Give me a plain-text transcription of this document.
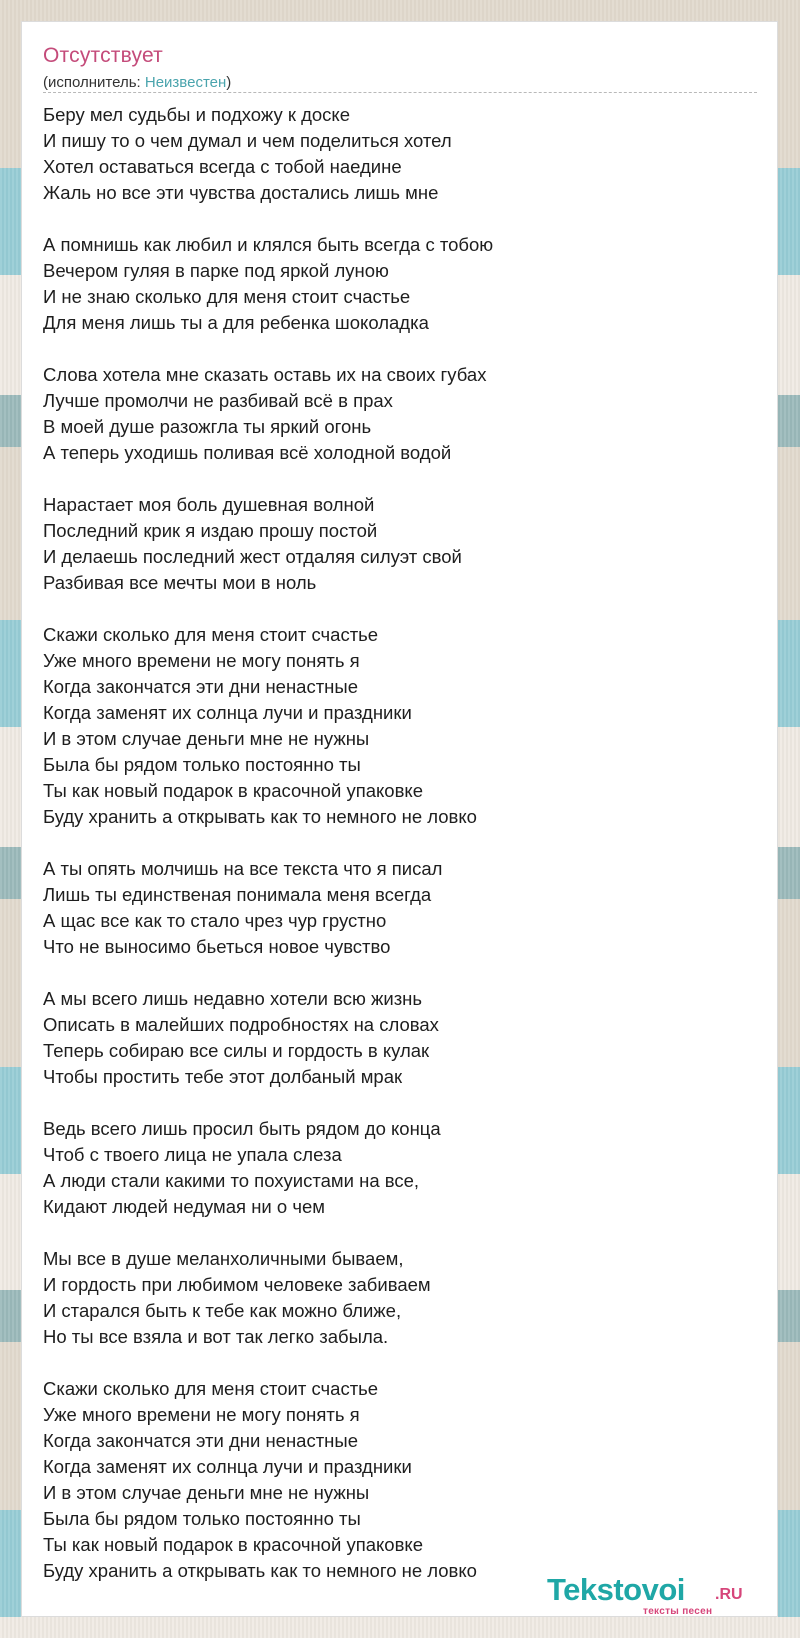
Отсутствует
(исполнитель: Неизвестен)
Беру мел судьбы и подхожу к доске
И пишу то о чем думал и чем поделиться хотел
Хотел оставаться всегда с тобой наедине
Жаль но все эти чувства достались лишь мне
А помнишь как любил и клялся быть всегда с тобою
Вечером гуляя в парке под яркой луною
И не знаю сколько для меня стоит счастье
Для меня лишь ты а для ребенка шоколадка
Слова хотела мне сказать оставь их на своих губах
Лучше промолчи не разбивай всё в прах
В моей душе разожгла ты яркий огонь
А теперь уходишь поливая всё холодной водой
Нарастает моя боль душевная волной
Последний крик я издаю прошу постой
И делаешь последний жест отдаляя силуэт свой
Разбивая все мечты мои в ноль
Скажи сколько для меня стоит счастье
Уже много времени не могу понять я
Когда закончатся эти дни ненастные
Когда заменят их солнца лучи и праздники
И в этом случае деньги мне не нужны
Была бы рядом только постоянно ты
Ты как новый подарок в красочной упаковке
Буду хранить а открывать как то немного не ловко
А ты опять молчишь на все текста что я писал
Лишь ты единственая понимала меня всегда
А щас все как то стало чрез чур грустно
Что не выносимо бьеться новое чувство
А мы всего лишь недавно хотели всю жизнь
Описать в малейших подробностях на словах
Теперь собираю все силы и гордость в кулак
Чтобы простить тебе этот долбаный мрак
Ведь всего лишь просил быть рядом до конца
Чтоб с твоего лица не упала слеза
А люди стали какими то похуистами на все,
Кидают людей недумая ни о чем
Мы все в душе меланхоличными бываем,
И гордость при любимом человеке забиваем
И старался быть к тебе как можно ближе,
Но ты все взяла и вот так легко забыла.
Скажи сколько для меня стоит счастье
Уже много времени не могу понять я
Когда закончатся эти дни ненастные
Когда заменят их солнца лучи и праздники
И в этом случае деньги мне не нужны
Была бы рядом только постоянно ты
Ты как новый подарок в красочной упаковке
Буду хранить а открывать как то немного не ловко
Tekstovoi .RU
тексты песен
